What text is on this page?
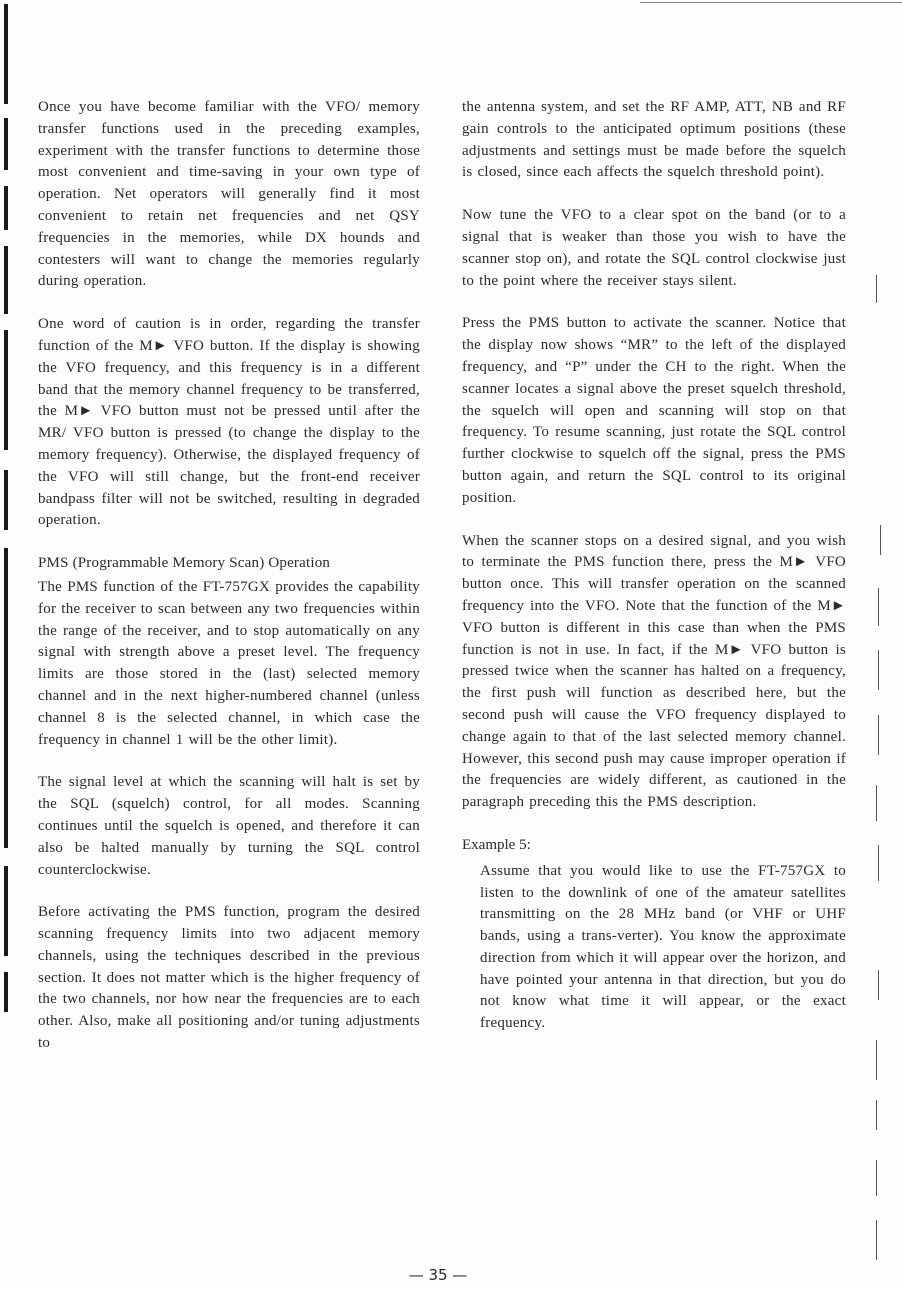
Once you have become familiar with the VFO/ memory transfer functions used in the preceding examples, experiment with the transfer functions to determine those most convenient and time-saving in your own type of operation. Net operators will generally find it most convenient to retain net frequencies and net QSY frequencies in the memories, while DX hounds and contesters will want to change the memories regularly during operation.

One word of caution is in order, regarding the transfer function of the M► VFO button. If the display is showing the VFO frequency, and this frequency is in a different band that the memory channel frequency to be transferred, the M► VFO button must not be pressed until after the MR/ VFO button is pressed (to change the display to the memory frequency). Otherwise, the displayed frequency of the VFO will still change, but the front-end receiver bandpass filter will not be switched, resulting in degraded operation.

PMS (Programmable Memory Scan) Operation

The PMS function of the FT-757GX provides the capability for the receiver to scan between any two frequencies within the range of the receiver, and to stop automatically on any signal with strength above a preset level. The frequency limits are those stored in the (last) selected memory channel and in the next higher-numbered channel (unless channel 8 is the selected channel, in which case the frequency in channel 1 will be the other limit).

The signal level at which the scanning will halt is set by the SQL (squelch) control, for all modes. Scanning continues until the squelch is opened, and therefore it can also be halted manually by turning the SQL control counterclockwise.

Before activating the PMS function, program the desired scanning frequency limits into two adjacent memory channels, using the techniques described in the previous section. It does not matter which is the higher frequency of the two channels, nor how near the frequencies are to each other. Also, make all positioning and/or tuning adjustments to

the antenna system, and set the RF AMP, ATT, NB and RF gain controls to the anticipated optimum positions (these adjustments and settings must be made before the squelch is closed, since each affects the squelch threshold point).

Now tune the VFO to a clear spot on the band (or to a signal that is weaker than those you wish to have the scanner stop on), and rotate the SQL control clockwise just to the point where the receiver stays silent.

Press the PMS button to activate the scanner. Notice that the display now shows “MR” to the left of the displayed frequency, and “P” under the CH to the right. When the scanner locates a signal above the preset squelch threshold, the squelch will open and scanning will stop on that frequency. To resume scanning, just rotate the SQL control further clockwise to squelch off the signal, press the PMS button again, and return the SQL control to its original position.

When the scanner stops on a desired signal, and you wish to terminate the PMS function there, press the M► VFO button once. This will transfer operation on the scanned frequency into the VFO. Note that the function of the M► VFO button is different in this case than when the PMS function is not in use. In fact, if the M► VFO button is pressed twice when the scanner has halted on a frequency, the first push will function as described here, but the second push will cause the VFO frequency displayed to change again to that of the last selected memory channel. However, this second push may cause improper operation if the frequencies are widely different, as cautioned in the paragraph preceding this the PMS description.

Example 5:

Assume that you would like to use the FT-757GX to listen to the downlink of one of the amateur satellites transmitting on the 28 MHz band (or VHF or UHF bands, using a trans-verter). You know the approximate direction from which it will appear over the horizon, and have pointed your antenna in that direction, but you do not know what time it will appear, or the exact frequency.

— 35 —
